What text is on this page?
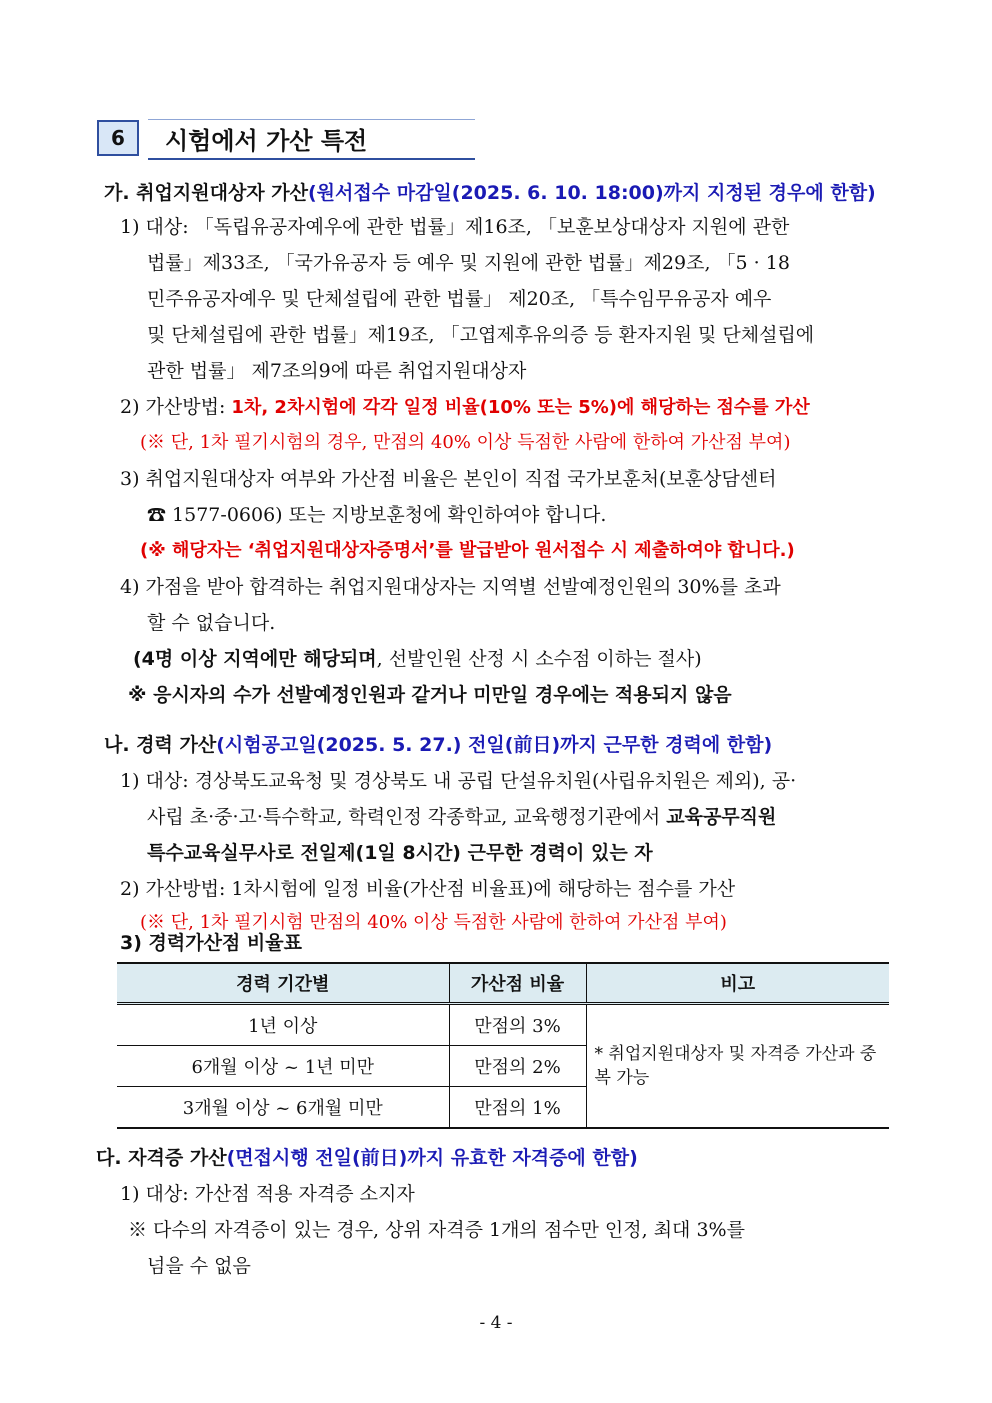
6	시험에서 가산 특전
가. 취업지원대상자 가산(원서접수 마감일(2025. 6. 10. 18:00)까지 지정된 경우에 한함)
1) 대상: 「독립유공자예우에 관한 법률」제16조, 「보훈보상대상자 지원에 관한
법률」제33조, 「국가유공자 등 예우 및 지원에 관한 법률」제29조, 「5 · 18
민주유공자예우 및 단체설립에 관한 법률」 제20조, 「특수임무유공자 예우
및 단체설립에 관한 법률」제19조, 「고엽제후유의증 등 환자지원 및 단체설립에
관한 법률」 제7조의9에 따른 취업지원대상자
2) 가산방법: 1차, 2차시험에 각각 일정 비율(10% 또는 5%)에 해당하는 점수를 가산
(※ 단, 1차 필기시험의 경우, 만점의 40% 이상 득점한 사람에 한하여 가산점 부여)
3) 취업지원대상자 여부와 가산점 비율은 본인이 직접 국가보훈처(보훈상담센터
☎ 1577-0606) 또는 지방보훈청에 확인하여야 합니다.
(※ 해당자는 ‘취업지원대상자증명서’를 발급받아 원서접수 시 제출하여야 합니다.)
4) 가점을 받아 합격하는 취업지원대상자는 지역별 선발예정인원의 30%를 초과
할 수 없습니다.
(4명 이상 지역에만 해당되며, 선발인원 산정 시 소수점 이하는 절사)
※ 응시자의 수가 선발예정인원과 같거나 미만일 경우에는 적용되지 않음
나. 경력 가산(시험공고일(2025. 5. 27.) 전일(前日)까지 근무한 경력에 한함)
1) 대상: 경상북도교육청 및 경상북도 내 공립 단설유치원(사립유치원은 제외), 공·
사립 초·중·고·특수학교, 학력인정 각종학교, 교육행정기관에서 교육공무직원
특수교육실무사로 전일제(1일 8시간) 근무한 경력이 있는 자
2) 가산방법: 1차시험에 일정 비율(가산점 비율표)에 해당하는 점수를 가산
(※ 단, 1차 필기시험 만점의 40% 이상 득점한 사람에 한하여 가산점 부여)
3) 경력가산점 비율표
경력 기간별	가산점 비율	비고
1년 이상	만점의 3%	* 취업지원대상자 및 자격증 가산과 중복 가능
6개월 이상 ~ 1년 미만	만점의 2%	
3개월 이상 ~ 6개월 미만	만점의 1%	
다. 자격증 가산(면접시행 전일(前日)까지 유효한 자격증에 한함)
1) 대상: 가산점 적용 자격증 소지자
※ 다수의 자격증이 있는 경우, 상위 자격증 1개의 점수만 인정, 최대 3%를
넘을 수 없음
- 4 -
